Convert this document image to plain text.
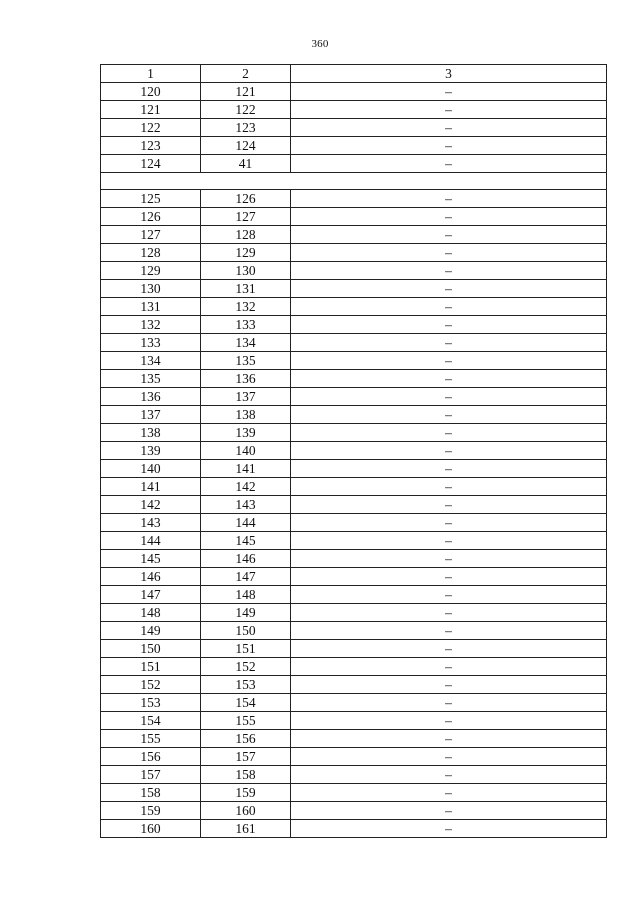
360
1	2	3
120	121	–
121	122	–
122	123	–
123	124	–
124	41	–

125	126	–
126	127	–
127	128	–
128	129	–
129	130	–
130	131	–
131	132	–
132	133	–
133	134	–
134	135	–
135	136	–
136	137	–
137	138	–
138	139	–
139	140	–
140	141	–
141	142	–
142	143	–
143	144	–
144	145	–
145	146	–
146	147	–
147	148	–
148	149	–
149	150	–
150	151	–
151	152	–
152	153	–
153	154	–
154	155	–
155	156	–
156	157	–
157	158	–
158	159	–
159	160	–
160	161	–
